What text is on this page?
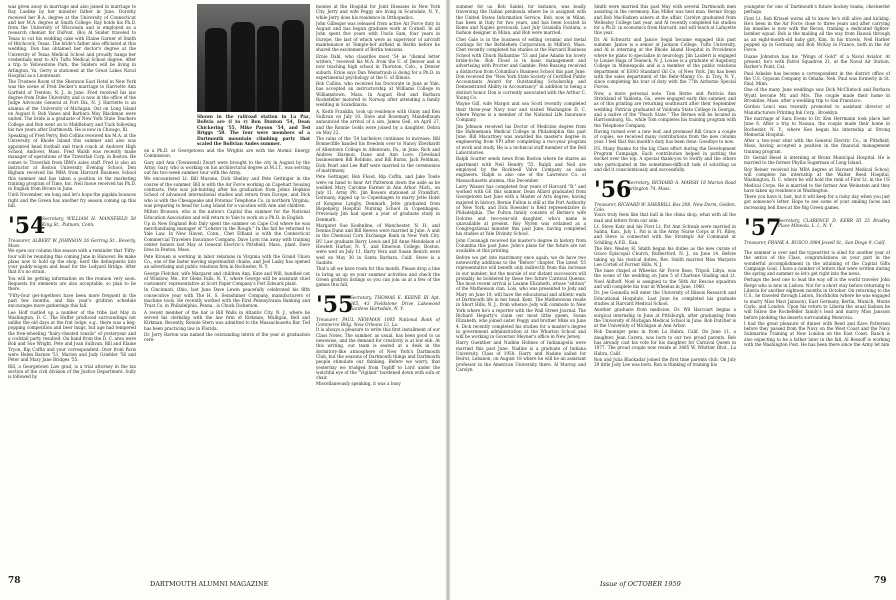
was given away in marriage and also joined in marriage to Ray Luebke by her minister father in June. Dorothy received her B.A. degree at the University of Connecticut and her M.A. degree at Smith College. Ray holds his Ph.D. from the University of Wisconsin and is employed as a research chemist for DuPont. (Bo) Al Snider traveled to Texas to cut his wedding cake with Elaine Garner of Smith of Hitchcock, Texas. The bride's father also officiated at this wedding. Don has obtained her doctor's degree at the University of Texas Medical School and proudly hangs her credentials next to Al's Tufts Medical School degree. After a trip to Yellowstone Park, the Sniders will be living in Arlington, Va. Gerry is stationed at the Great Lakes Naval Hospital as a Lieutenant.

The Trustees Room of the Sheraton East Hotel in New York was the scene of Fred Decker's marriage to Harriette Ann Garfield of Trenton, N. J., in June. Fred received his law degree from Duke University and is now in the office of the Judge Advocate General at Fort Dix, N. J. Harriette is an alumna of the University of Michigan. Out on Long Island on August 8, Bob Vanes and Barbara May Blackman were united. The bride is a graduate of New York State Teachers College and Bob went on to Middlebury and Tuck following his two years after Dartmouth. He is now in Chicago, Ill.

Speaking of Fred Perry, Bob Collins received his M.A. at the University of Rhode Island this summer and also was appointed head football and track coach at Andover High School, Andover, Mass. Fred Walsh was recently made manager of operations of the Traverlab Corp. in Boston. He comes to Traverlab from IBM's sales staff. Fred is also an instructor at Boston University Evening School. Don Bigham received his MBA from Harvard Business School this summer and has taken a position in the marketing training program of Time, Inc. Neil Inoue received his Ph.D. in English from Brown in June.

Until November, we long and let's hope the pigskin bounces right and the Green has another fry season coming up this fall.

'54
Secretary, WILLIAM H. MANSFIELD 50 King St., Putnam, Conn.
Treasurer, ALBERT W. JOHNSON 26 Gerring St., Beverly, Mass.

We open our column this season with a reminder that 'Fifty-four will be reuniting this coming June in Hanover. Be make plans now to hold up the shop, herd the delinquents into your paddy-wagon and head for the Ledyard Bridge. After that it's no strain.

You will be getting information on the reunion very soon. Requests for elements are also acceptable, so plan to be there.

"Fifty-four get-togethers have been more frequent in the past few months, and this year's gridiron schedule encourages more gatherings this fall.

Lee Hoff rustled up a number of the tribe last May in Washington, D. C. The Huffer produced surroundings not unlike the old days at the frat lodge, e.g., there was a keg-popping competition and beer mugs, but age had tempered the free-wheeling "hairy-chested tonsils" of yesteryear and a cocktail party resulted. On hand from the D. C. area were Bob and Sue Wright, Pete and Joan Sullivan, Bill and Elaine Tryon, Rip Coffin and your correspondent. Over from Paris were Helen Barnes '51, Marion and Judy Griebler '56 and Peter and Mary Jane Bridges '55.

Bill, a Georgetown Law grad, is a trial attorney in the tax section of the civil division of the Justice Department. Sully is followed by

Shown in the railroad station in La Paz, Bolivia are (l to r) Ron Dunton '54, Dean Chickering '55, Mike Payson '54, and Ted Briggs '58. The four were members of a Dartmouth mountain climbing party that scaled the Bolivian Andes summer.

on a Ph.D. at Georgetown and the Wrights are with the Atomic Energy Commission.

Gary and Ann (Townsend) Zwart were brought to the city in August by the Army. Gary, who is working on his architectural degree at M.I.T., was serving out his two-week summer tour with the Army.

We encountered Lt. Bill Murane, Dick Shelley and Pete Gettinger in the course of the summer. Bill is with the Air Force working on Capehart housing contracts. Pete was job-hunting after his graduation from Johns Hopkins School of advanced international studies and return from Europe, and Dick who is with the Chesapeake and Potomac Telephone Co. in northern Virginia, was preparing to head for Long Island for a vacation with Ann and children.

Milton Brunson, who is the nation's Capital this summer for the National Education Association and will return to Yale to work on a Ph.D. in English.

Up in New England Bob Daly spent the summer on Cape Cod where he was merchandising manager of "Lobster in the Rough." In the fall he returned to Yale Law. In New Haven, Conn., Chet Elfland is with the Connecticut Commercial Travelers Insurance Company. Dave Lyon ran away with training center honors last May at General Electric's Pittsfield, Mass., plant. Dave lives in Fenton, Mass.

Pete Krouen is working in labor relations in Virginia with the Grand Union Co., one of the faster moving supermarket chains, and Joel Lasky has opened an advertising and public relations firm in Rochester, N. Y.

George Fletcher, wife Margaret and children Ann, Kate and Will, bundled out of Winslow, Me., for Glens Falls, N. Y., where George will be assistant chief customers' representative at Scott Paper Company's Fort Edward plant.

In Cincinnati, Ohio, last June Dave Lewin peacefully celebrated his fifth consecutive year with The H. S. Seinshimer Company, manufacturers of machine tools. He recently worked with the First Pennsylvania Banking and Trust Co. in Philadelphia, Penna., is Chuck Dickerson.

A recent member of the bar is Bill Walls in Atlantic City, N. J., where he served his clerkship with the law firm of Kirkman, Mulligan, Bell and Kirkman. Recently, Ronnie Stern was admitted to the Massachusetts Bar. Ted has been practicing law in Florida.

Dr. Jerry Barton was named the outstanding intern of the year at graduation cere-

monies at the Hospital for Joint Diseases in New York City. Jerry and wife Peggy are living in Scarsdale, N. Y., while Jerry does his residence in Orthopedics.

John Gillespie was released from active Air Force duty in August and has begun graduate work at Cornell. In all John spent five years with Uncle Sam, four years in Europe, the last of which were as supervisor of aircraft maintenance at Temple-hof airfield in Berlin before he shared the excitement of Berlin tensions.

Ernie Dahl, who classifies most '54 as "dismal letter writers," received his M.A. from the U. of Denver and is now teaching high school in Thornton, Colo., a Denver suburb. Ernie says Dan Weinstraub is doing for a Ph.D. in experimental psychology at the U. of Illinois.

Bob Collins, who received his Doctorate in June at Yale, has accepted an instructorship at Williams College in Williamstown, Mass. In August Rod and Barbara Rockefeller motored to Norway after attending a family wedding in Scandinavia.

A. Keith Franklin, took up residence with Ginny and Ken Sullivan on July 10. Dave and Rosemary Mandelbaum announced the arrival of a son, James Geil, on April 27, and the Ronnie Golds were joined by a daughter, Debra on May 22.

The rains of the '54 bachelors continues to increase. Bill Bonnecfille handed his freedom over to Nancy Eberhardt of Allentown College in Allentown, Pa., in June. Rich and Andrew Harmon, Dane and Ann Love, Cleveland businessmen Bill Robbins, and Bill Burns, Jack Feldman, Dick Pearl and Lee Ruff were married in the ceremonies of matrimony.

Pete Gettinger, Bob Flood, Rip Coffin, and Jake Towle were on hand to hear Art Patterson down the aisle as he wedded Mary Caroline Farmer in Ann Arbor, Mich., on July 11. Army Pfc. Jim Bowers stationed at Frankfurt, Germany, zipped up to Copenhagen to marry Jette Holst of Kongens Lyngby, Denmark. Jette graduated from Bispebjerg Hospital Nursing School in Copenhagen. Previously Jim had spent a year of graduate study in Denmark.

Margaret Sue Koehnline, of Manchester, N. H., and Dennis Dunn and Bill Reeves were married in June. A unit in the Chemical Corn Exchange Bank in New York City. BU Law graduate Barry Lewis and Jill Anne Mendelson of Hewlett Harbor, N. Y., and Emerson College, Boston, were wed on July 11. Barry Vera and Susan Benich were wed on May 30 in Santa Barbara, Calif. Steve is a Saabite.

That's all we have room for this month. Please drop a line to bring us up on your summer activities and check the Green gridiron listings so you can join us at a few of the games this fall.

'55
Secretary, THOMAS E. KEENE III Apt. 365, 43 Fieldstone Drive Lakewood Gardens Hartsdale, N. Y.
Treasurer, PAUL NEWMAN 1005 National Bank of Commerce Bldg. New Orleans 12, La.

It is always a pleasure to write this first installment of our Class Notes. The summer, as usual, has been good to us newswise, and the demand for creativity is at low ebb. At this writing, our team is seated at a desk in the dormitory-like atmosphere of New York's Dartmouth Club, but the seasons of Dartmouth things and Dartmouth people stimulate our thinking. Before we worry, that yesterday we trudged from Topliff to Lord under the watchful eye of the "Vigilant" burdened down with sofa or chair.

Miscellaneously speaking, it was a busy

78	DARTMOUTH ALUMNI MAGAZINE

summer for us. Bob Saidel, for instance, was busily traversing the Italian peninsula where he is assigned with the United States Information Service. Bob, now in Milan, has been in Italy for two years, and has been located in Rome and Naples previously. Last July Graziella Fontana, a fashion designer in Milan, and Bob were married.

Chet Gale is in the business of selling ceramic and metal coatings for the Bethlehem Corporation in Milford, Mass. Chet recently completed his studies at the Harvard Business School with Chuck Ballantine '53 and Jane Adams his lovely bride-to-be. Bob Flood is in basic management and advertising with Procter and Gamble. Pete Bussing received a distinction from Columbia's Business School this past June. Don received the "New York State Society of Certified Public Accountants Award for Outstanding Scholarship and Demonstrated Ability in Accountancy" in addition to being a distinct honor. Don is currently associated with the Arthur C. Young Co.

Wayne Gill, wife Margot and son Scott recently completed their three-year Navy tour and visited Washington D. C. where Wayne is a member of the National Life Insurance Company.

Jim Johnson received his Doctor of Medicine degree from the Hahnemann Medical College in Philadelphia this past June. Bill Macartney was awarded his master's degree in engineering from VPI after completing a two-year program of work and study. He is a technical staff member of the Bell Laboratories.

Ralph Soutter sends news from Boston where he shares an apartment with Neil Hendry '55. Ralph and Neil are employed by the Rockwell Valve Company as sales engineers. Ralph is also one of the Lawrence Co. of Massachusetts alumna, this December.

Larry Wasser has completed four years of Harvard "B." and worked with GE this summer. Dean Allard graduated from Georgetown last June with a Master of Arts degree, having majored in history. Bernie Fulton is still at the Port Authority of New York, and Dick Roessler is field representative in Philadelphia. The Fulton family consists of Bernie's wife Dolores and two-year-old daughter, who's name is unavailable at present. Roy Nyren was ordained as a Congregational minister this past June, having completed his studies at Yale Divinity School.

John Cavanagh received his master's degree in history from Columbia this past June. John's plans for the future are not available at this printing.

Before we get into matrimony once again, we do have two noteworthy additions to the "Before" chapter. The latest '55 representative will benefit only indirectly from this increase in our number, but the morale of our distant successors will probably be bolstered by these two future Carnival Queens. The most recent arrival is Leanne Elizabeth, whose "edition" of the Mathewson clan. Lois, who was presented to Jody and Mary on June 18, will have the educational and athletic ends of Dartmouth life in her head. Kent, The Mathewsons reside in Short Hills, N. J., from whence Jody will commute to New York where he's a reporter with the Wall Street Journal. The Richard Hegarty's claim our most little queen, Susan Elizabeth, who joined sister Peggy and brother Mike on June 4. Dick recently completed his studies for a master's degree in government administration at the Wharton School and will be working in Governor Meyner's office in New Jersey.

Harry Guenther and Nadine Holmes of Indianapolis were married this past June. Nadine is a graduate of Indiana University. Class of 1958. Harry and Nadine sailed for Beirut, Lebanon, on August 18 where he will be an assistant professor in the American University there. Al Murray and Carolyn

Smith were married this past May with several Dartmouth men assisting in the ceremony. Kas Miller was best man. Bernie Stopp and Bob MacFadzen ushers at the affair. Carolyn graduated from Wellesley College last year, and Al recently completed his studies for a Ph.D. in economics from Harvard, and will teach at Lafayette this year.

Dr. Al Schwartz and Janice Segal became engaged this past summer. Janice is a senior at Jackson College, Tufts University, and Al is interning at the Rhode Island Hospital in Providence where he plans to specialize in neurology. Jim Laubert is engaged to Louise Haga of Teaneck, N. J. Louise is a graduate of Augsburg College in Minneapolis and is a member of the public relations department of ESSO Standard Oil Co. of New York. Jim has been with the sales department of the Bebr-Manny Co. in Troy, N. Y., since completing his tour of duty with the 77th Airborne Special Forces.

Now, a more personal note. Tom Berne and Patricia Ann Strickland of Valdosta, Ga., were engaged early this summer, and as of this printing are returning southward after their September wedding. Patricia graduated of Valdosta State College in Georgia, and a native of the "Peach State." The Bernes will be located in Harrisonburg, Va., while Tom completes his training program with the Telephone Company.

Having turned over a new leaf, and promised Bill Grace a couple of copies, we received many contributions from the new column year. I feel that this month's duty has been done. Goodbye to now.

P.S. Many thanks for the big Class effort during the Development Program Campaign. Each contribution helped in putting the docket over the top. A special thank-you to Swifty and the others who participated in the sometimes-difficult task of soliciting us and did it conscientiously and successfully.

'56
Secretary, RICHARD A. MARSH 18 Marion Road Arlington 74, Mass.
Treasurer, RICHARD W. SHERRILL Box 208, New Dorm, Golden, Colo.

Yours truly feels like that bull in the china shop, what with all the mail and letters from our side.

Lt. Steve Katz and his First Lt. Pat Ann Schwab were married in Salina, Kan., July 1. Pat is in the Army Nurse Corps at Ft. Riley, and Steve is connected with the Strategic Air Command at Schilling A.F.B., Kan.

The Rev. Wesley H. Smith began his duties as the new curate of Grace Episcopal Church, Rutherford, N. J., on June 14. Before taking up his clerical duties, Rev. Smith married Miss Marjorie Lee Cortell of Forrest Hills, N. J.

The base chapel at Wheelus Air Force Base, Tripoli, Libya, was the scene of the wedding on June 5 of Charlene Glading and Lt. Noel Aldhoff. Noel is assigned to the 58th Air Rescue squadron and will complete his tour at Wheelus in June, 1960.

Dr. Joe Gonnella will enter the University of Illinois Research and Educational Hospitals. Last June he completed his graduate studies at Harvard Medical School.

Another graduate from medicine, Dr. Wil Harcourt begins a surgical internship in June at Pittsburgh, after graduating from the University of Michigan Medical School in June. Bob Dutcher is at the University of Michigan at Ann Arbor.

Bob Dauntger pens in from La Habra, Calif. On June 11, a daughter, Jean Carera, was born to our two proud parents. Bob has already cast his vote for his daughter for Carnival Queen in 1977. The proud couple now reside at 3485 W. Whittier Blvd., La Habra, Calif.

Ron and Julia Blackadar joined the first time parents club. On July 29 little Jody Lee was born. Ron is thinking of training his

youngster for one of Dartmouth's future hockey teams, checkerdot perhaps.

First Lt. Bob Krissel warns all to know he's still alive and kicking. He's been in the Air Force close to three years and after carrying his missiles is now with the Recon, training a dedicated fighter-bomber squad. Bob is the mailing all the way from Hawaii through as an eight-month-old baby girl, Kim. In his travels, Neil Harker popped up in Germany and Bob McKay in France, both in the Air Force.

Duane Johnston has his "Wings of Gold" of a Naval Aviator. At present, he's with Patrol Squadron 21, at the Naval Air Station, Barber's Point, Cal.

Paul Ashelse has become a correspondent in the district office of the U.S. Gypsum Company in Omaha, Neb. Paul was formerly in St. Paul, Minn.

One of the many June weddings saw Dick McClintock and Barbara Wyatt become Mr. and Mrs. The couple made their home in Brookline, Mass. after a wedding trip to San Francisco.

Gordon Lenci was recently promoted to assistant director of Manufacturers Printing Ink Corp., Brooklyn.

The marriage of Sara Evens to Dr. Ken Herrmann took place last June 6. After a trip to Nassau, the couple made their home in Rochester, N. Y., where Ken began his internship at Strong Memorial Hospital.

After a two-year stint with the General Electric Co., in Pittsfield, Mass, having accepted a position in the financial management training program.

Dr. Gerald Hesel is interning at Bronx Municipal Hospital. He is married to the former Phyllis Sugerman of Long Island.

Roy Reiner received his MBA degree at Harvard Medical School, will complete his internship at the Walter Reed Hospital, Washington, D. C. where he will hold the rank of First Lt. in the US Medical Corps. He is married to the former Ann Weinstein and they have taken up residence in Washington.

There you have it, fast, but it will keep for a rainy day when you just got someone's letter. Hope to see some of your smiling faces and increasing bell lines at the Big Green games.

'57
Secretary, CLARENCE D. KERR III 25 Bradley Place Mineola, L. I., N. Y.
Treasurer, FRANK A. RUSCO 3984 Jewell St., San Diego 9, Calif.

The summer is over and the typewriter is oiled for another year of the antics of the Class, congratulations on your part in the wonderful accomplishment in the attaining of the Capital Gifts Campaign Goal. I have a number of letters that were written during the spring and summer so let's get right into the news.

Perhaps the best one to lead the way off is the world traveler John Berge who is now in Lisbon. Not for a short stay before returning to Liberia for another eighteen months in October. On returning to the U.S., he traveled through Lisbon, Stockholm (where he was engaged to marry Miss Mavi Jansson), East Germany, Berlin, Munich, Monte Carlo, and London. Upon his return to Liberia the usual fashion he will follow the Rockefeller family's lead and marry Miss Jansson before plodding the deserts surrounding Monrovia.

I had the great pleasure of dinner with Reed and Kave Patterson before they passed from the Navy on the West Coast and the Navy Submarine Training at New London on the East Coast. Ranch is also expecting to be a father later in the fall. Al Bessoff is working with the Washington Post. He has been there since the Army let him

Issue of OCTOBER 1959	79
